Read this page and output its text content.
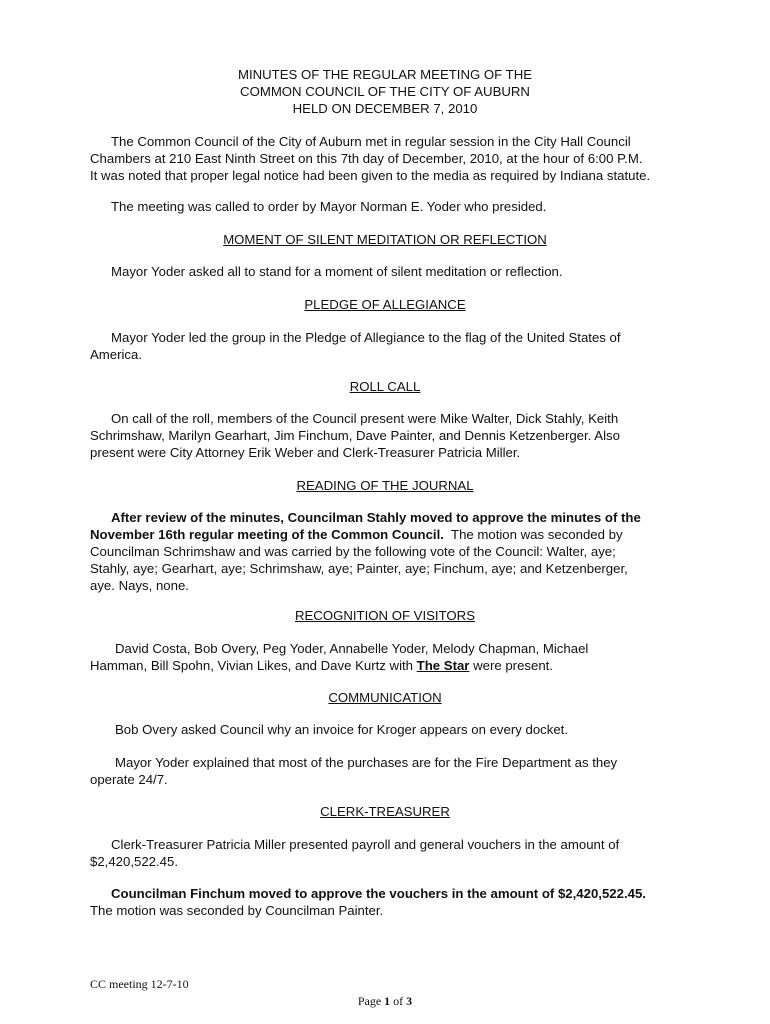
MINUTES OF THE REGULAR MEETING OF THE
COMMON COUNCIL OF THE CITY OF AUBURN
HELD ON DECEMBER 7, 2010
The Common Council of the City of Auburn met in regular session in the City Hall Council
Chambers at 210 East Ninth Street on this 7th day of December, 2010, at the hour of 6:00 P.M.
It was noted that proper legal notice had been given to the media as required by Indiana statute.
The meeting was called to order by Mayor Norman E. Yoder who presided.
MOMENT OF SILENT MEDITATION OR REFLECTION
Mayor Yoder asked all to stand for a moment of silent meditation or reflection.
PLEDGE OF ALLEGIANCE
Mayor Yoder led the group in the Pledge of Allegiance to the flag of the United States of
America.
ROLL CALL
On call of the roll, members of the Council present were Mike Walter, Dick Stahly, Keith
Schrimshaw, Marilyn Gearhart, Jim Finchum, Dave Painter, and Dennis Ketzenberger. Also
present were City Attorney Erik Weber and Clerk-Treasurer Patricia Miller.
READING OF THE JOURNAL
After review of the minutes, Councilman Stahly moved to approve the minutes of the
November 16th regular meeting of the Common Council.  The motion was seconded by
Councilman Schrimshaw and was carried by the following vote of the Council: Walter, aye;
Stahly, aye; Gearhart, aye; Schrimshaw, aye; Painter, aye; Finchum, aye; and Ketzenberger,
aye. Nays, none.
RECOGNITION OF VISITORS
David Costa, Bob Overy, Peg Yoder, Annabelle Yoder, Melody Chapman, Michael
Hamman, Bill Spohn, Vivian Likes, and Dave Kurtz with The Star were present.
COMMUNICATION
Bob Overy asked Council why an invoice for Kroger appears on every docket.
Mayor Yoder explained that most of the purchases are for the Fire Department as they
operate 24/7.
CLERK-TREASURER
Clerk-Treasurer Patricia Miller presented payroll and general vouchers in the amount of
$2,420,522.45.
Councilman Finchum moved to approve the vouchers in the amount of $2,420,522.45.
The motion was seconded by Councilman Painter.
CC meeting 12-7-10
Page 1 of 3
